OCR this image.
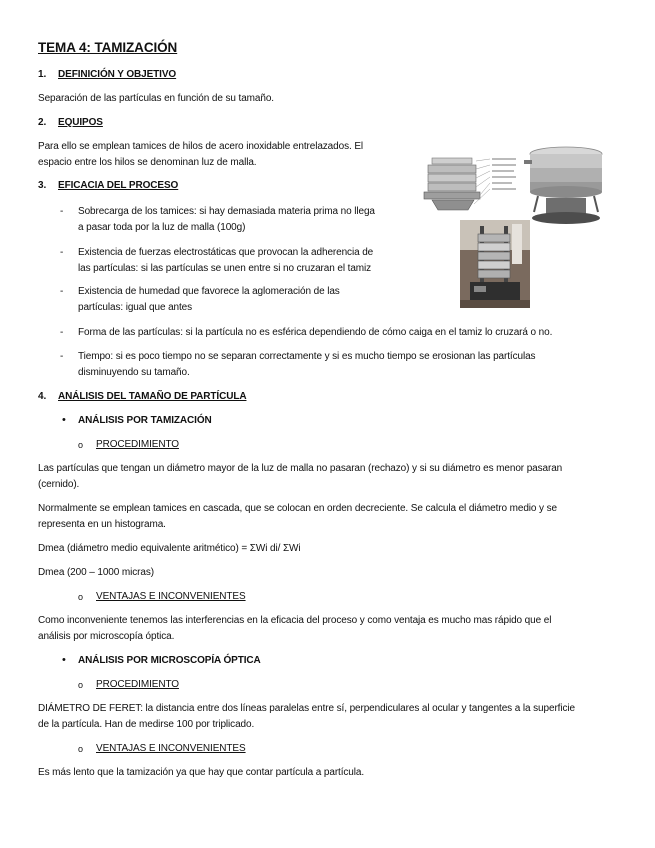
TEMA 4: TAMIZACIÓN
1. DEFINICIÓN Y OBJETIVO
Separación de las partículas en función de su tamaño.
2. EQUIPOS
Para ello se emplean tamices de hilos de acero inoxidable entrelazados. El
espacio entre los hilos se denominan luz de malla.
3. EFICACIA DEL PROCESO
- Sobrecarga de los tamices: si hay demasiada materia prima no llega
a pasar toda por la luz de malla (100g)
- Existencia de fuerzas electrostáticas que provocan la adherencia de
las partículas: si las partículas se unen entre si no cruzaran el tamiz
- Existencia de humedad que favorece la aglomeración de las
partículas: igual que antes
- Forma de las partículas: si la partícula no es esférica dependiendo de cómo caiga en el tamiz lo cruzará o no.
- Tiempo: si es poco tiempo no se separan correctamente y si es mucho tiempo se erosionan las partículas
disminuyendo su tamaño.
4. ANÁLISIS DEL TAMAÑO DE PARTÍCULA
• ANÁLISIS POR TAMIZACIÓN
o PROCEDIMIENTO
Las partículas que tengan un diámetro mayor de la luz de malla no pasaran (rechazo) y si su diámetro es menor pasaran
(cernido).
Normalmente se emplean tamices en cascada, que se colocan en orden decreciente. Se calcula el diámetro medio y se
representa en un histograma.
Dmea (diámetro medio equivalente aritmético) = ΣWi di/ ΣWi
Dmea (200 – 1000 micras)
o VENTAJAS E INCONVENIENTES
Como inconveniente tenemos las interferencias en la eficacia del proceso y como ventaja es mucho mas rápido que el
análisis por microscopía óptica.
• ANÁLISIS POR MICROSCOPÍA ÓPTICA
o PROCEDIMIENTO
DIÁMETRO DE FERET: la distancia entre dos líneas paralelas entre sí, perpendiculares al ocular y tangentes a la superficie
de la partícula. Han de medirse 100 por triplicado.
o VENTAJAS E INCONVENIENTES
Es más lento que la tamización ya que hay que contar partícula a partícula.
